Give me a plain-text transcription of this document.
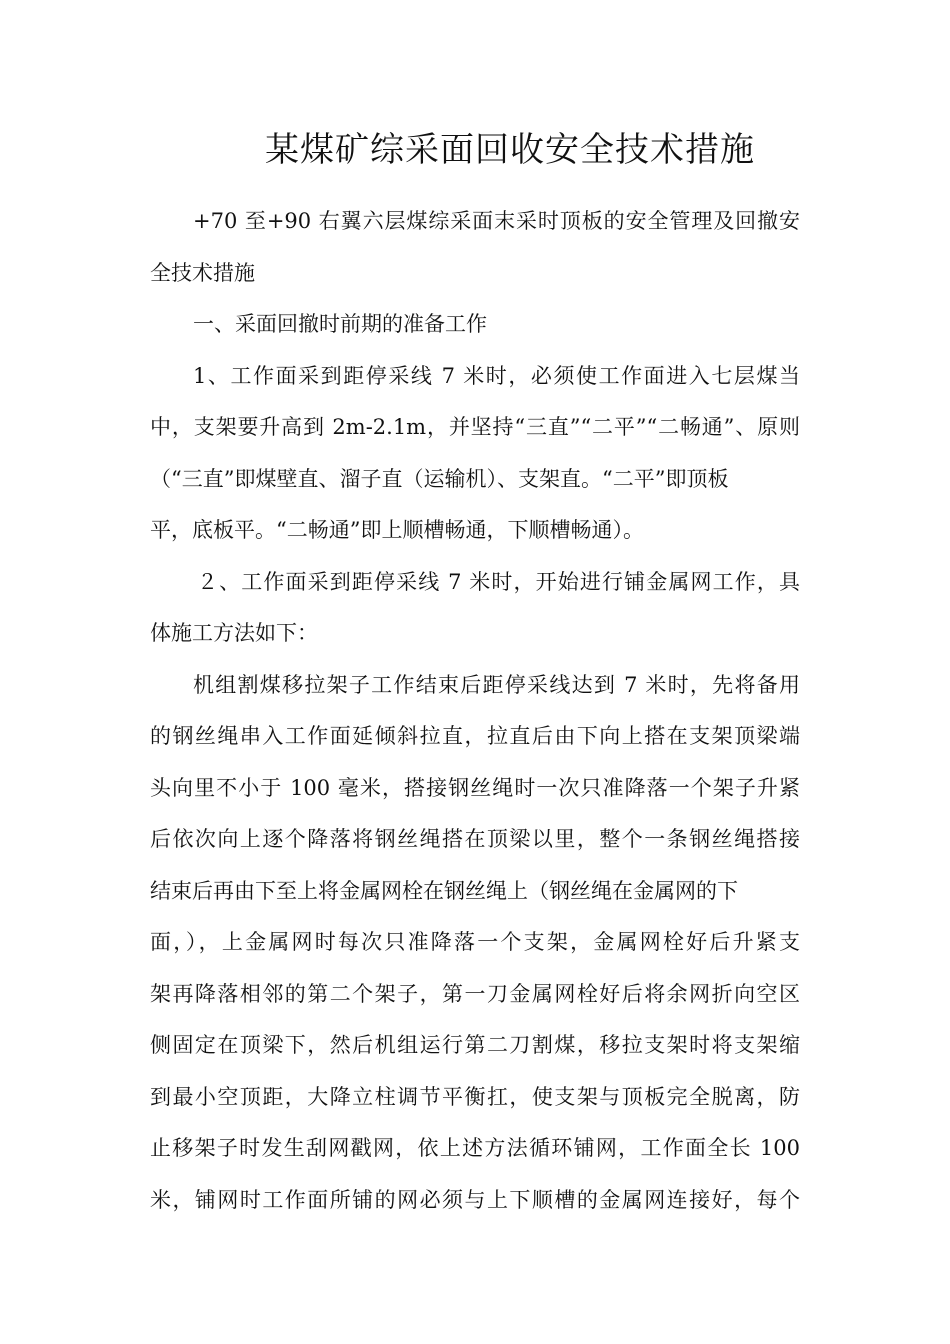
某煤矿综采面回收安全技术措施
+70 至+90 右翼六层煤综采面末采时顶板的安全管理及回撤安
全技术措施
一、采面回撤时前期的准备工作
1、工作面采到距停采线 7 米时，必须使工作面进入七层煤当
中，支架要升高到 2m-2.1m，并坚持“三直”“二平”“二畅通”、原则
（“三直”即煤壁直、溜子直（运输机）、支架直。“二平”即顶板
平，底板平。“二畅通”即上顺槽畅通，下顺槽畅通）。
２、工作面采到距停采线 7 米时，开始进行铺金属网工作，具
体施工方法如下：
机组割煤移拉架子工作结束后距停采线达到 7 米时，先将备用
的钢丝绳串入工作面延倾斜拉直，拉直后由下向上搭在支架顶梁端
头向里不小于 100 毫米，搭接钢丝绳时一次只准降落一个架子升紧
后依次向上逐个降落将钢丝绳搭在顶梁以里，整个一条钢丝绳搭接
结束后再由下至上将金属网栓在钢丝绳上（钢丝绳在金属网的下
面，），上金属网时每次只准降落一个支架，金属网栓好后升紧支
架再降落相邻的第二个架子，第一刀金属网栓好后将余网折向空区
侧固定在顶梁下，然后机组运行第二刀割煤，移拉支架时将支架缩
到最小空顶距，大降立柱调节平衡扛，使支架与顶板完全脱离，防
止移架子时发生刮网戳网，依上述方法循环铺网，工作面全长 100
米，铺网时工作面所铺的网必须与上下顺槽的金属网连接好，每个
